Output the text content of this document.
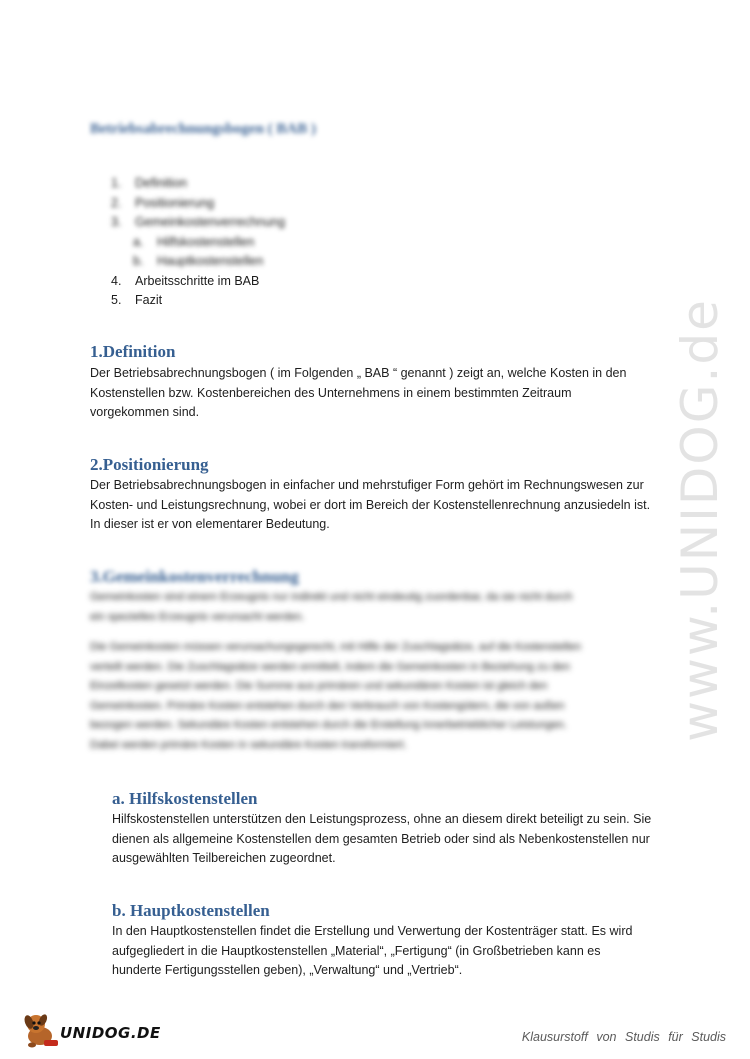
www.UNIDOG.de
Betriebsabrechnungsbogen ( BAB )
1. Definition
2. Positionierung
3. Gemeinkostenverrechnung
a. Hilfskostenstellen
b. Hauptkostenstellen
4. Arbeitsschritte im BAB
5. Fazit
1.Definition
Der Betriebsabrechnungsbogen ( im Folgenden „ BAB “ genannt ) zeigt an, welche Kosten in den
Kostenstellen bzw. Kostenbereichen des Unternehmens in einem bestimmten Zeitraum
vorgekommen sind.
2.Positionierung
Der Betriebsabrechnungsbogen in einfacher und mehrstufiger Form gehört im Rechnungswesen zur
Kosten- und Leistungsrechnung, wobei er dort im Bereich der Kostenstellenrechnung anzusiedeln ist.
In dieser ist er von elementarer Bedeutung.
3.Gemeinkostenverrechnung
Gemeinkosten sind einem Erzeugnis nur indirekt und nicht eindeutig zuordenbar, da sie nicht durch
ein spezielles Erzeugnis verursacht werden.
Die Gemeinkosten müssen verursachungsgerecht, mit Hilfe der Zuschlagsätze, auf die Kostenstellen
verteilt werden. Die Zuschlagsätze werden ermittelt, indem die Gemeinkosten in Beziehung zu den
Einzelkosten gesetzt werden. Die Summe aus primären und sekundären Kosten ist gleich den
Gemeinkosten. Primäre Kosten entstehen durch den Verbrauch von Kostengütern, die von außen
bezogen werden. Sekundäre Kosten entstehen durch die Erstellung innerbetrieblicher Leistungen.
Dabei werden primäre Kosten in sekundäre Kosten transformiert.
a. Hilfskostenstellen
Hilfskostenstellen unterstützen den Leistungsprozess, ohne an diesem direkt beteiligt zu sein. Sie
dienen als allgemeine Kostenstellen dem gesamten Betrieb oder sind als Nebenkostenstellen nur
ausgewählten Teilbereichen zugeordnet.
b. Hauptkostenstellen
In den Hauptkostenstellen findet die Erstellung und Verwertung der Kostenträger statt. Es wird
aufgegliedert in die Hauptkostenstellen „Material“, „Fertigung“ (in Großbetrieben kann es
hunderte Fertigungsstellen geben), „Verwaltung“ und „Vertrieb“.
UNIDOG.DE	Klausurstoff von Studis für Studis
